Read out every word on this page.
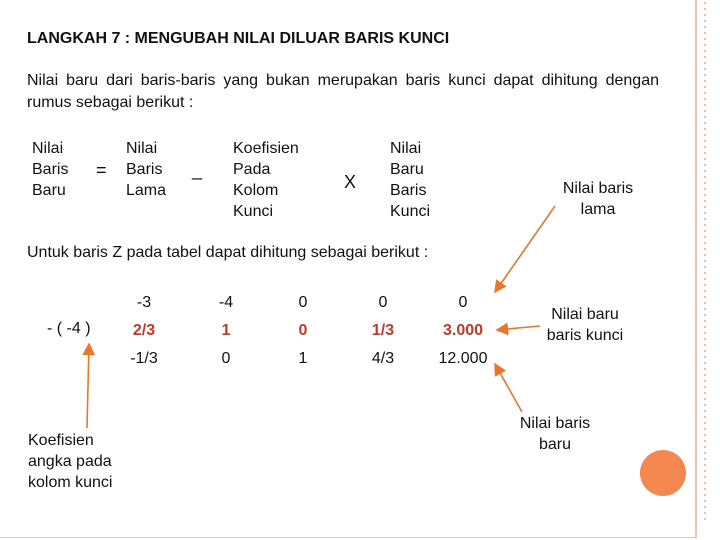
LANGKAH 7 : MENGUBAH NILAI DILUAR BARIS KUNCI
Nilai baru dari baris-baris yang bukan merupakan baris kunci dapat dihitung dengan rumus sebagai berikut :
Nilai
Baris
Baru
=
Nilai
Baris
Lama
_
Koefisien
Pada
Kolom
Kunci
X
Nilai
Baru
Baris
Kunci
Untuk baris Z pada tabel dapat dihitung sebagai berikut :
- ( -4 )
-3	-4	0	0	0
2/3	1	0	1/3	3.000
-1/3	0	1	4/3	12.000
Nilai baris
lama
Nilai baru
baris kunci
Nilai baris
baru
Koefisien
angka pada
kolom kunci
